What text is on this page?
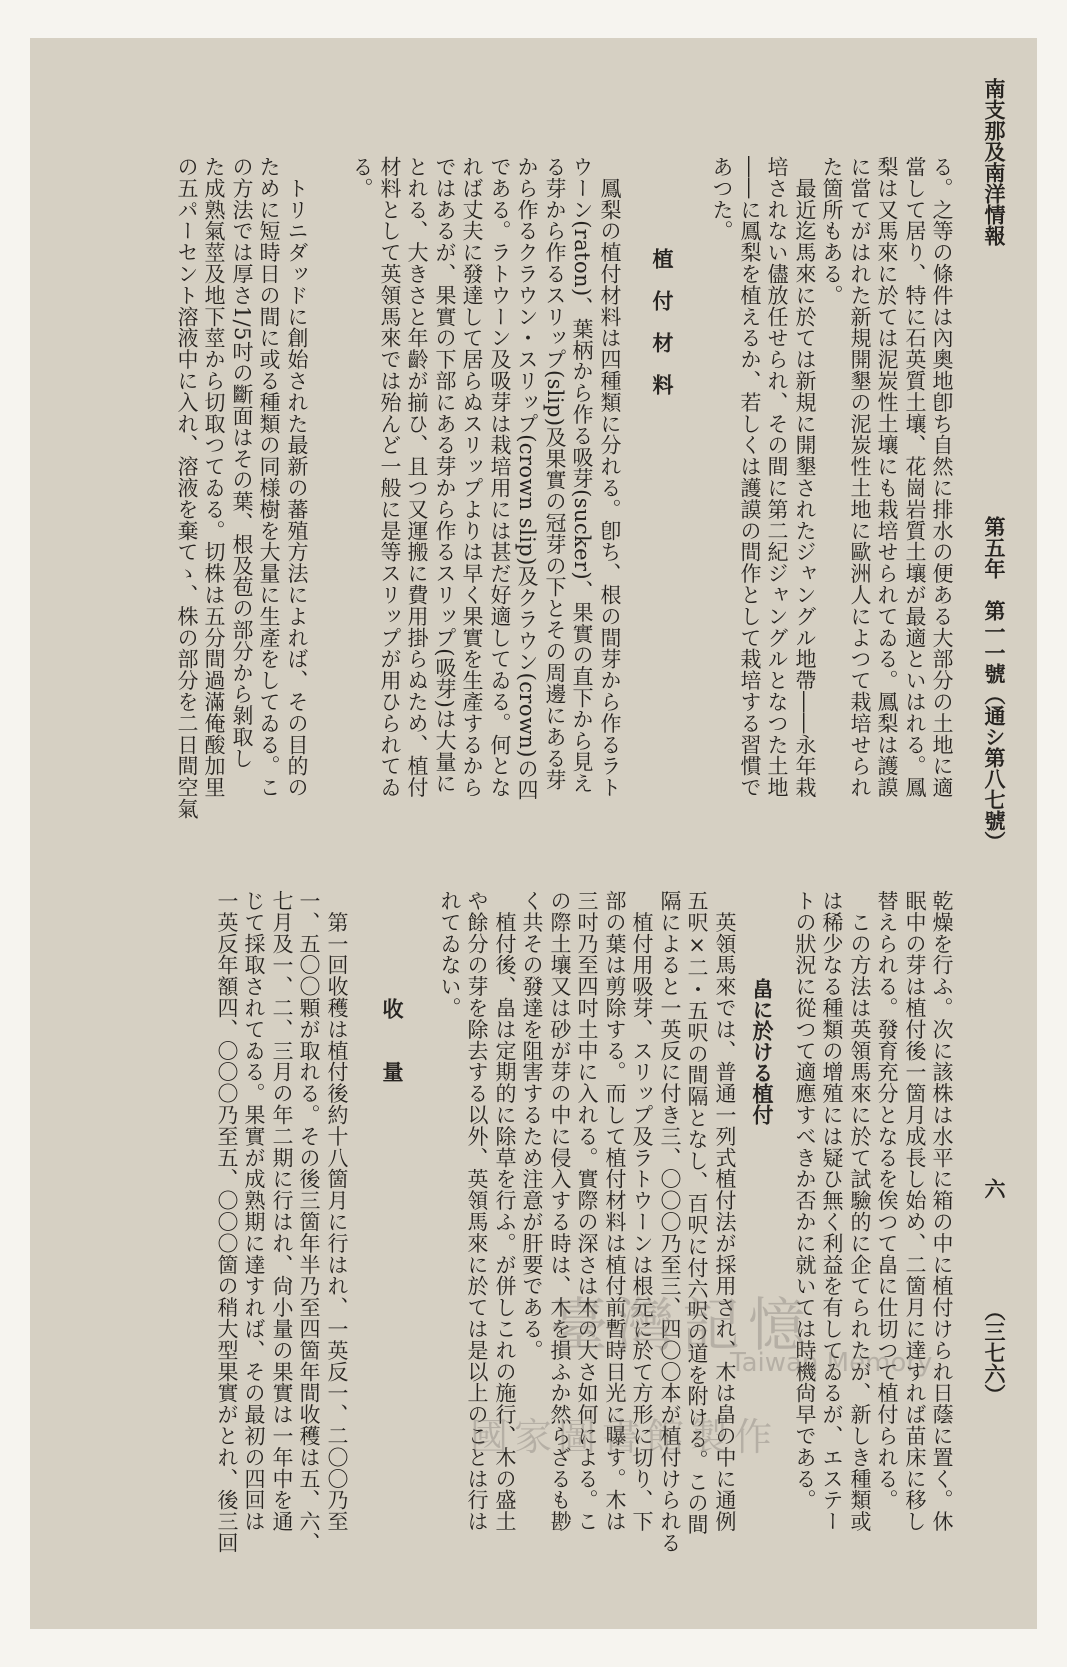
南支那及南洋情報
第五年　第一一號（通シ第八七號）
六
（三七六）
る。之等の條件は內奧地卽ち自然に排水の便ある大部分の土地に適
當して居り、特に石英質土壤、花崗岩質土壤が最適といはれる。鳳
梨は又馬來に於ては泥炭性土壤にも栽培せられてゐる。鳳梨は護謨
に當てがはれた新規開墾の泥炭性土地に歐洲人によつて栽培せられ
た箇所もある。
　最近迄馬來に於ては新規に開墾されたジャングル地帶――永年栽
培されない儘放任せられ、その間に第二紀ジャングルとなつた土地
――に鳳梨を植えるか、若しくは護謨の間作として栽培する習慣で
あつた。
植　付　材　料
　鳳梨の植付材料は四種類に分れる。卽ち、根の間芽から作るラト
ウーン(raton)、葉柄から作る吸芽(sucker)、果實の直下から見え
る芽から作るスリップ(slip)及果實の冠芽の下とその周邊にある芽
から作るクラウン・スリップ(crown slip)及クラウン(crown)の四
である。ラトウーン及吸芽は栽培用には甚だ好適してゐる。何とな
れば丈夫に發達して居らぬスリップよりは早く果實を生產するから
ではあるが、果實の下部にある芽から作るスリップ(吸芽)は大量に
とれる、大きさと年齡が揃ひ、且つ又運搬に費用掛らぬため、植付
材料として英領馬來では殆んど一般に是等スリップが用ひられてゐ
る。
　トリニダッドに創始された最新の蕃殖方法によれば、その目的の
ために短時日の間に或る種類の同様樹を大量に生產をしてゐる。こ
の方法では厚さ1/5吋の斷面はその葉、根及苞の部分から剝取し
た成熟氣莖及地下莖から切取つてゐる。切株は五分間過滿俺酸加里
の五パーセント溶液中に入れ、溶液を棄てゝ、株の部分を二日間空氣
乾燥を行ふ。次に該株は水平に箱の中に植付けられ日蔭に置く。休
眠中の芽は植付後一箇月成長し始め、二箇月に達すれば苗床に移し
替えられる。發育充分となるを俟つて畠に仕切つて植付られる。
　この方法は英領馬來に於て試驗的に企てられたが、新しき種類或
は稀少なる種類の增殖には疑ひ無く利益を有してゐるが、エステー
トの狀況に從つて適應すべきか否かに就いては時機尙早である。
畠に於ける植付
　英領馬來では、普通一列式植付法が採用され、木は畠の中に通例
五呎×二・五呎の間隔となし、百呎に付六呎の道を附ける。この間
隔によると一英反に付き三、〇〇〇乃至三、四〇〇本が植付けられる
　植付用吸芽、スリップ及ラトウーンは根元に於て方形に切り、下
部の葉は剪除する。而して植付材料は植付前暫時日光に曝す。木は
三吋乃至四吋土中に入れる。實際の深さは木の大さ如何による。こ
の際土壤又は砂が芽の中に侵入する時は、木を損ふか然らざるも尠
く共その發達を阻害するため注意が肝要である。
　植付後、畠は定期的に除草を行ふ。が併しこれの施行、木の盛土
や餘分の芽を除去する以外、英領馬來に於ては是以上のことは行は
れてゐない。
收　　量
　第一回收穫は植付後約十八箇月に行はれ、一英反一、二〇〇乃至
一、五〇〇顆が取れる。その後三箇年半乃至四箇年間收穫は五、六、
七月及一、二、三月の年二期に行はれ、尙小量の果實は一年中を通
じて採取されてゐる。果實が成熟期に達すれば、その最初の四回は
一英反年額四、〇〇〇乃至五、〇〇〇箇の稍大型果實がとれ、後三回	臺灣記憶
Taiwan Memory
國家圖書館製作
